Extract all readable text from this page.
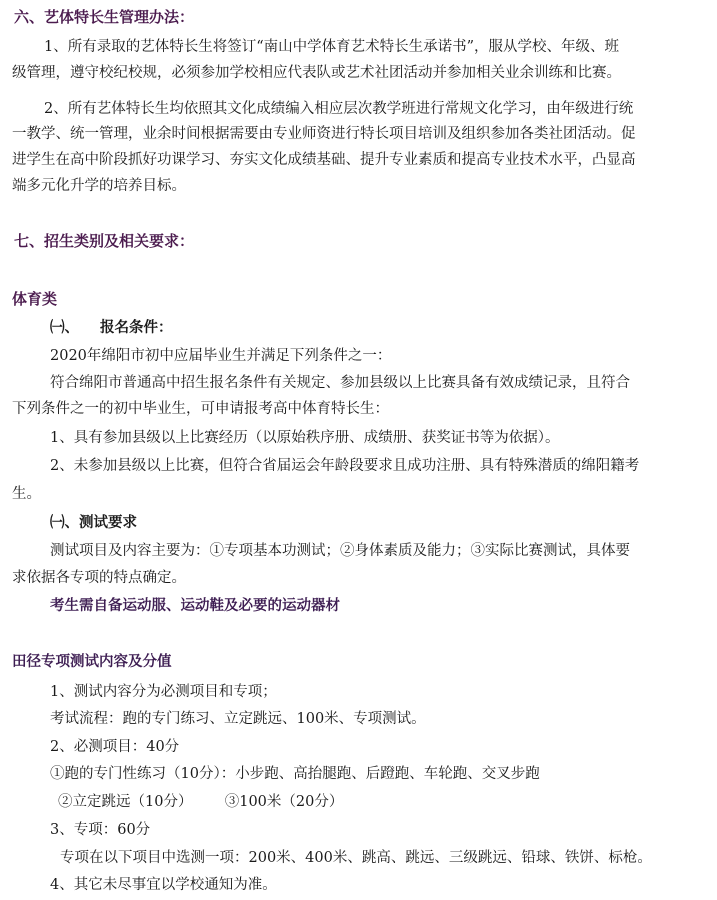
六、艺体特长生管理办法：
1、所有录取的艺体特长生将签订“南山中学体育艺术特长生承诺书”，服从学校、年级、班
级管理，遵守校纪校规，必须参加学校相应代表队或艺术社团活动并参加相关业余训练和比赛。
2、所有艺体特长生均依照其文化成绩编入相应层次教学班进行常规文化学习，由年级进行统
一教学、统一管理，业余时间根据需要由专业师资进行特长项目培训及组织参加各类社团活动。促
进学生在高中阶段抓好功课学习、夯实文化成绩基础、提升专业素质和提高专业技术水平，凸显高
端多元化升学的培养目标。
七、招生类别及相关要求：
体育类
㈠、 报名条件：
2020年绵阳市初中应届毕业生并满足下列条件之一：
符合绵阳市普通高中招生报名条件有关规定、参加县级以上比赛具备有效成绩记录，且符合
下列条件之一的初中毕业生，可申请报考高中体育特长生：
1、具有参加县级以上比赛经历（以原始秩序册、成绩册、获奖证书等为依据）。
2、未参加县级以上比赛，但符合省届运会年龄段要求且成功注册、具有特殊潜质的绵阳籍考
生。
㈠、测试要求
测试项目及内容主要为：①专项基本功测试；②身体素质及能力；③实际比赛测试，具体要
求依据各专项的特点确定。
考生需自备运动服、运动鞋及必要的运动器材
田径专项测试内容及分值
1、测试内容分为必测项目和专项；
考试流程：跑的专门练习、立定跳远、100米、专项测试。
2、必测项目：40分
①跑的专门性练习（10分）：小步跑、高抬腿跑、后蹬跑、车轮跑、交叉步跑
②立定跳远（10分）       ③100米（20分）
3、专项：60分
专项在以下项目中选测一项：200米、400米、跳高、跳远、三级跳远、铅球、铁饼、标枪。
4、其它未尽事宜以学校通知为准。
